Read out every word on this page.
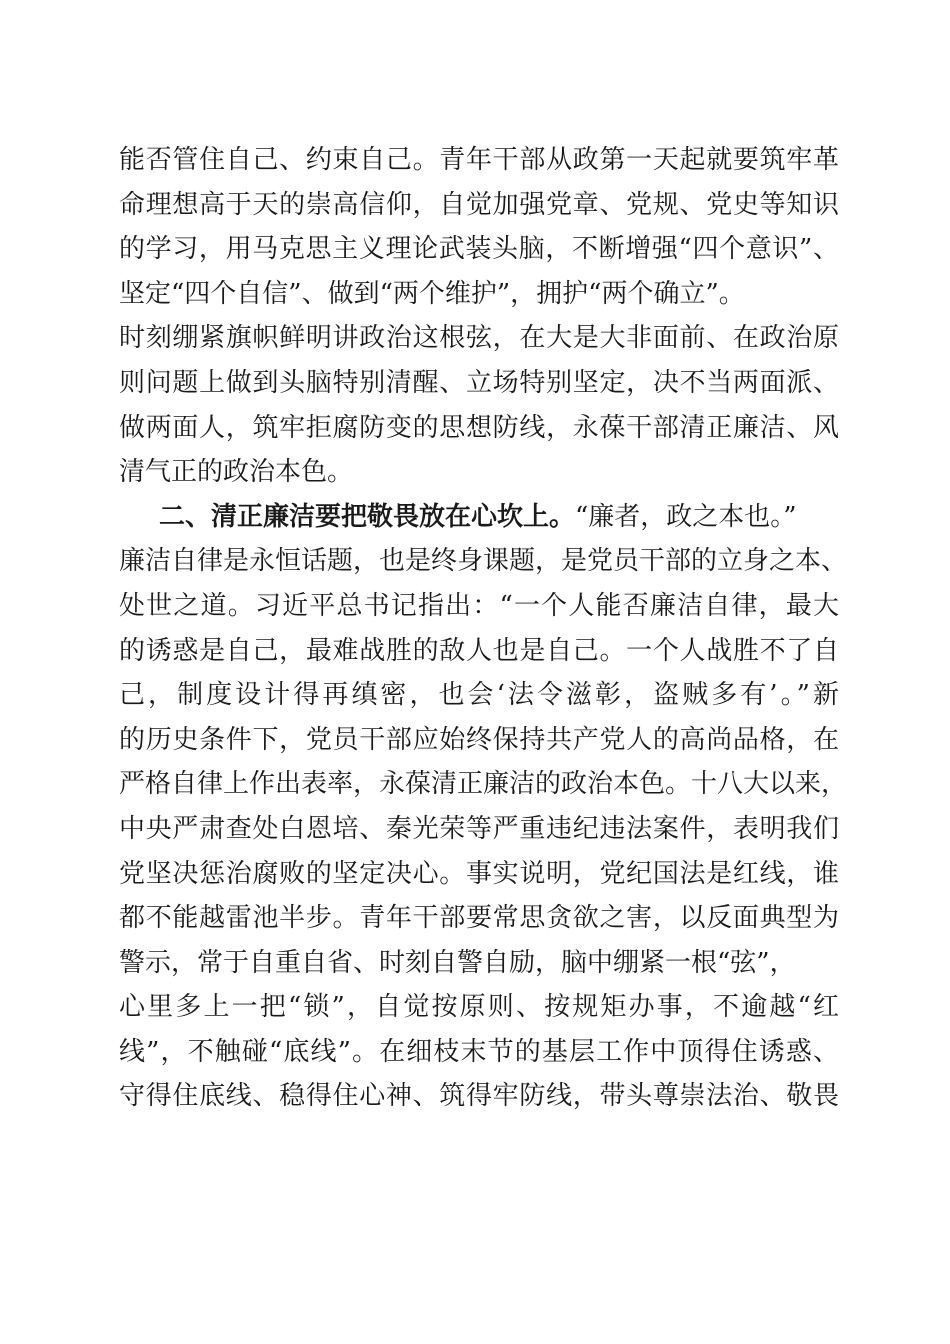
能否管住自己、约束自己。青年干部从政第一天起就要筑牢革
命理想高于天的崇高信仰，自觉加强党章、党规、党史等知识
的学习，用马克思主义理论武装头脑，不断增强“四个意识”、
坚定“四个自信”、做到“两个维护”，拥护“两个确立”。
时刻绷紧旗帜鲜明讲政治这根弦，在大是大非面前、在政治原
则问题上做到头脑特别清醒、立场特别坚定，决不当两面派、
做两面人，筑牢拒腐防变的思想防线，永葆干部清正廉洁、风
清气正的政治本色。
二、清正廉洁要把敬畏放在心坎上。“廉者，政之本也。”
廉洁自律是永恒话题，也是终身课题，是党员干部的立身之本、
处世之道。习近平总书记指出：“一个人能否廉洁自律，最大
的诱惑是自己，最难战胜的敌人也是自己。一个人战胜不了自
己，制度设计得再缜密，也会‘法令滋彰，盗贼多有’。”新
的历史条件下，党员干部应始终保持共产党人的高尚品格，在
严格自律上作出表率，永葆清正廉洁的政治本色。十八大以来，
中央严肃查处白恩培、秦光荣等严重违纪违法案件，表明我们
党坚决惩治腐败的坚定决心。事实说明，党纪国法是红线，谁
都不能越雷池半步。青年干部要常思贪欲之害，以反面典型为
警示，常于自重自省、时刻自警自励，脑中绷紧一根“弦”，
心里多上一把“锁”，自觉按原则、按规矩办事，不逾越“红
线”，不触碰“底线”。在细枝末节的基层工作中顶得住诱惑、
守得住底线、稳得住心神、筑得牢防线，带头尊崇法治、敬畏
